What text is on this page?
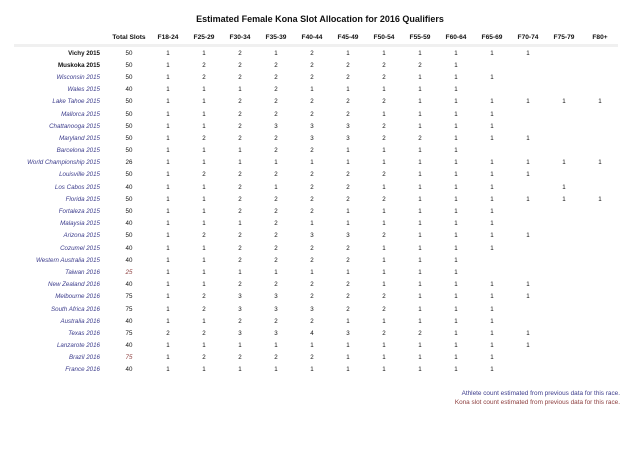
Estimated Female Kona Slot Allocation for 2016 Qualifiers
	Total Slots	F18-24	F25-29	F30-34	F35-39	F40-44	F45-49	F50-54	F55-59	F60-64	F65-69	F70-74	F75-79	F80+
Vichy 2015	50	1	1	2	1	2	1	1	1	1	1	1		
Muskoka 2015	50	1	2	2	2	2	2	2	2	1				
Wisconsin 2015	50	1	2	2	2	2	2	2	1	1	1			
Wales 2015	40	1	1	1	2	1	1	1	1	1				
Lake Tahoe 2015	50	1	1	2	2	2	2	2	1	1	1	1	1	1
Mallorca 2015	50	1	1	2	2	2	2	1	1	1	1			
Chattanooga 2015	50	1	1	2	3	3	3	2	1	1	1			
Maryland 2015	50	1	2	2	2	3	3	2	2	1	1	1		
Barcelona 2015	50	1	1	1	2	2	1	1	1	1				
World Championship 2015	26	1	1	1	1	1	1	1	1	1	1	1	1	1
Louisville 2015	50	1	2	2	2	2	2	2	1	1	1	1		
Los Cabos 2015	40	1	1	2	1	2	2	1	1	1	1		1	
Florida 2015	50	1	1	2	2	2	2	2	1	1	1	1	1	1
Fortaleza 2015	50	1	1	2	2	2	1	1	1	1	1			
Malaysia 2015	40	1	1	1	2	1	1	1	1	1	1			
Arizona 2015	50	1	2	2	2	3	3	2	1	1	1	1		
Cozumel 2015	40	1	1	2	2	2	2	1	1	1	1			
Western Australia 2015	40	1	1	2	2	2	2	1	1	1				
Taiwan 2016	25	1	1	1	1	1	1	1	1	1				
New Zealand 2016	40	1	1	2	2	2	2	1	1	1	1	1		
Melbourne 2016	75	1	2	3	3	2	2	2	1	1	1	1		
South Africa 2016	75	1	2	3	3	3	2	2	1	1	1			
Australia 2016	40	1	1	2	2	2	1	1	1	1	1			
Texas 2016	75	2	2	3	3	4	3	2	2	1	1	1		
Lanzarote 2016	40	1	1	1	1	1	1	1	1	1	1	1		
Brazil 2016	75	1	2	2	2	2	1	1	1	1	1			
France 2016	40	1	1	1	1	1	1	1	1	1	1			
Athlete count estimated from previous data for this race.
Kona slot count estimated from previous data for this race.
